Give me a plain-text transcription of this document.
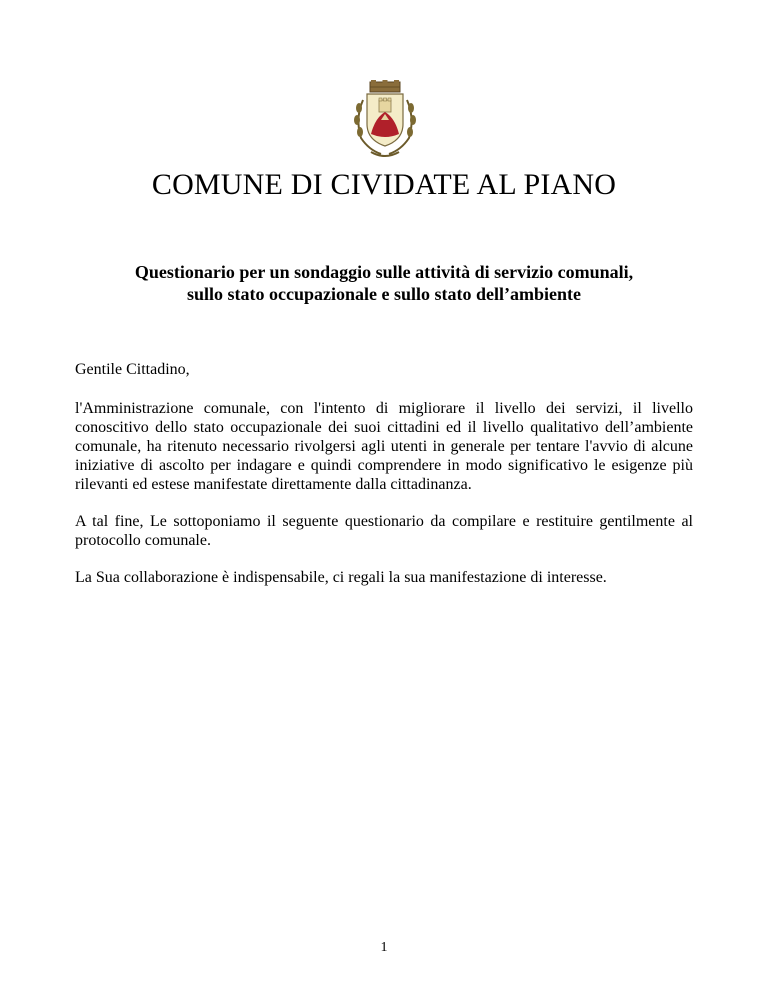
COMUNE DI CIVIDATE AL PIANO
Questionario per un sondaggio sulle attività di servizio comunali,
sullo stato occupazionale e sullo stato dell’ambiente

Gentile Cittadino,

l'Amministrazione comunale, con l'intento di migliorare il livello dei servizi, il livello conoscitivo dello stato occupazionale dei suoi cittadini ed il livello qualitativo dell’ambiente comunale, ha ritenuto necessario rivolgersi agli utenti in generale per tentare l'avvio di alcune iniziative di ascolto per indagare e quindi comprendere in modo significativo le esigenze più rilevanti ed estese manifestate direttamente dalla cittadinanza.

A tal fine, Le sottoponiamo il seguente questionario da compilare e restituire gentilmente al protocollo comunale.

La Sua collaborazione è indispensabile, ci regali la sua manifestazione di interesse.

1
